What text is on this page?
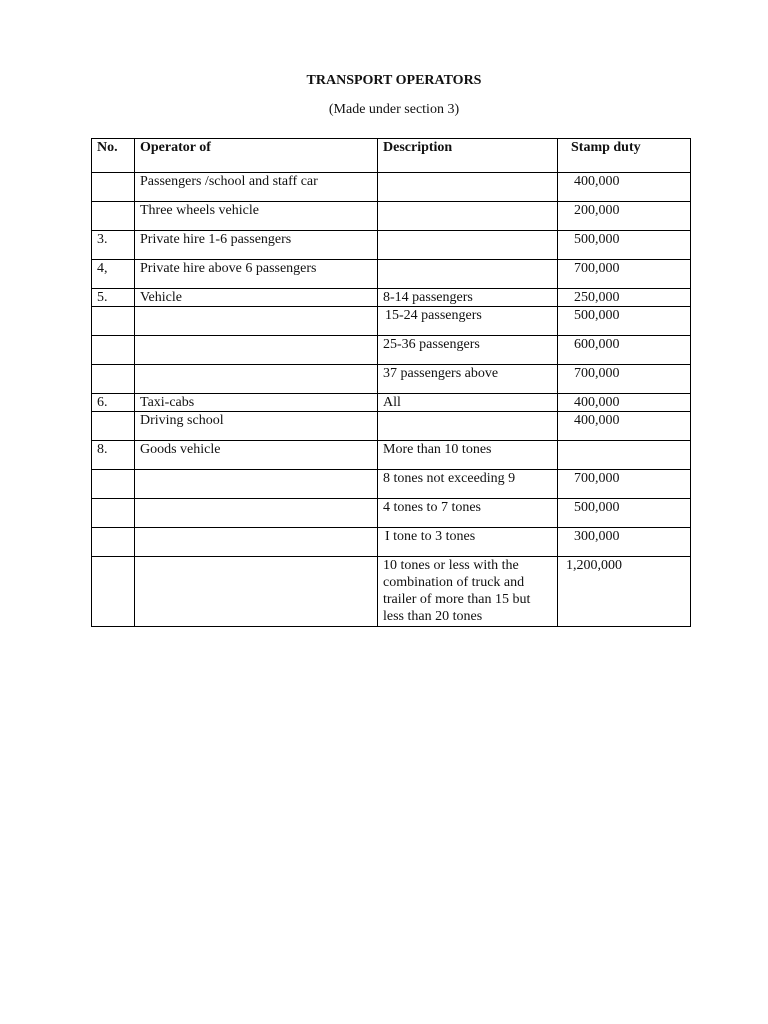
TRANSPORT OPERATORS
(Made under section 3)
No.	Operator of	Description	Stamp duty
	Passengers /school and staff car		400,000
	Three wheels vehicle		200,000
3.	Private hire 1-6 passengers		500,000
4,	Private hire above 6 passengers		700,000
5.	Vehicle	8-14 passengers	250,000
		15-24 passengers	500,000
		25-36 passengers	600,000
		37 passengers above	700,000
6.	Taxi-cabs	All	400,000
	Driving school		400,000
8.	Goods vehicle	More than 10 tones	
		8 tones not exceeding 9	700,000
		4 tones to 7 tones	500,000
		I tone to 3 tones	300,000
		10 tones or less with the combination of truck and trailer of more than 15 but less than 20 tones	1,200,000
